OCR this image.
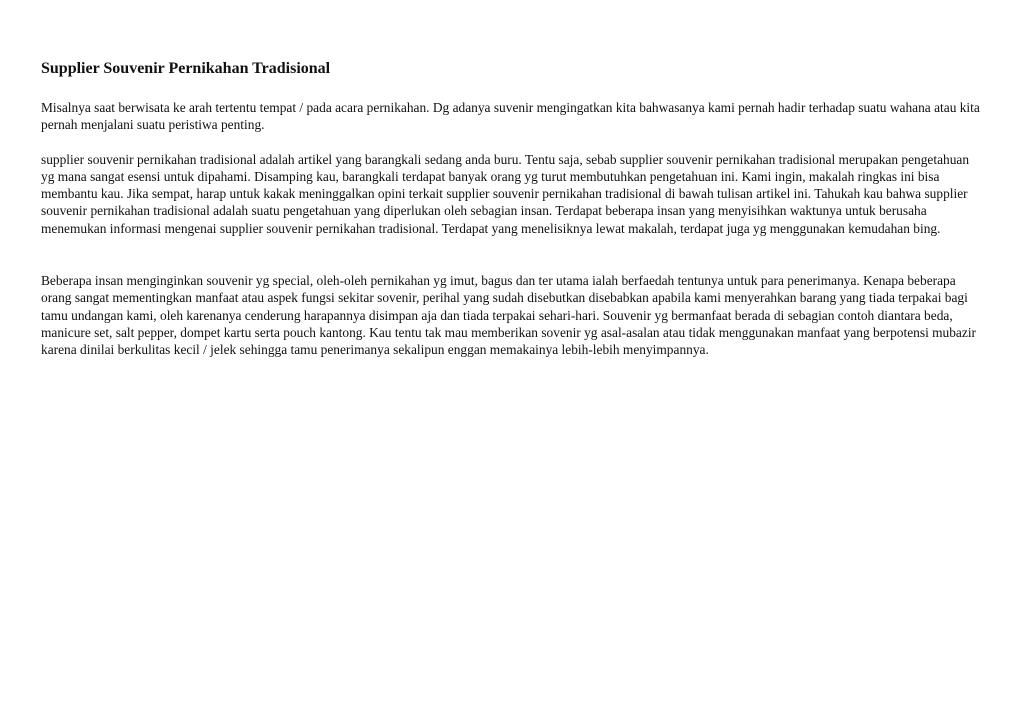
Supplier Souvenir Pernikahan Tradisional

Misalnya saat berwisata ke arah tertentu tempat / pada acara pernikahan. Dg adanya suvenir mengingatkan kita bahwasanya kami pernah hadir terhadap suatu wahana atau kita pernah menjalani suatu peristiwa penting.

supplier souvenir pernikahan tradisional adalah artikel yang barangkali sedang anda buru. Tentu saja, sebab supplier souvenir pernikahan tradisional merupakan pengetahuan yg mana sangat esensi untuk dipahami. Disamping kau, barangkali terdapat banyak orang yg turut membutuhkan pengetahuan ini. Kami ingin, makalah ringkas ini bisa membantu kau. Jika sempat, harap untuk kakak meninggalkan opini terkait supplier souvenir pernikahan tradisional di bawah tulisan artikel ini. Tahukah kau bahwa supplier souvenir pernikahan tradisional adalah suatu pengetahuan yang diperlukan oleh sebagian insan. Terdapat beberapa insan yang menyisihkan waktunya untuk berusaha menemukan informasi mengenai supplier souvenir pernikahan tradisional. Terdapat yang menelisiknya lewat makalah, terdapat juga yg menggunakan kemudahan bing.

Beberapa insan menginginkan souvenir yg special, oleh-oleh pernikahan yg imut, bagus dan ter utama ialah berfaedah tentunya untuk para penerimanya. Kenapa beberapa orang sangat mementingkan manfaat atau aspek fungsi sekitar sovenir, perihal yang sudah disebutkan disebabkan apabila kami menyerahkan barang yang tiada terpakai bagi tamu undangan kami, oleh karenanya cenderung harapannya disimpan aja dan tiada terpakai sehari-hari. Souvenir yg bermanfaat berada di sebagian contoh diantara beda, manicure set, salt pepper, dompet kartu serta pouch kantong. Kau tentu tak mau memberikan sovenir yg asal-asalan atau tidak menggunakan manfaat yang berpotensi mubazir karena dinilai berkulitas kecil / jelek sehingga tamu penerimanya sekalipun enggan memakainya lebih-lebih menyimpannya.
